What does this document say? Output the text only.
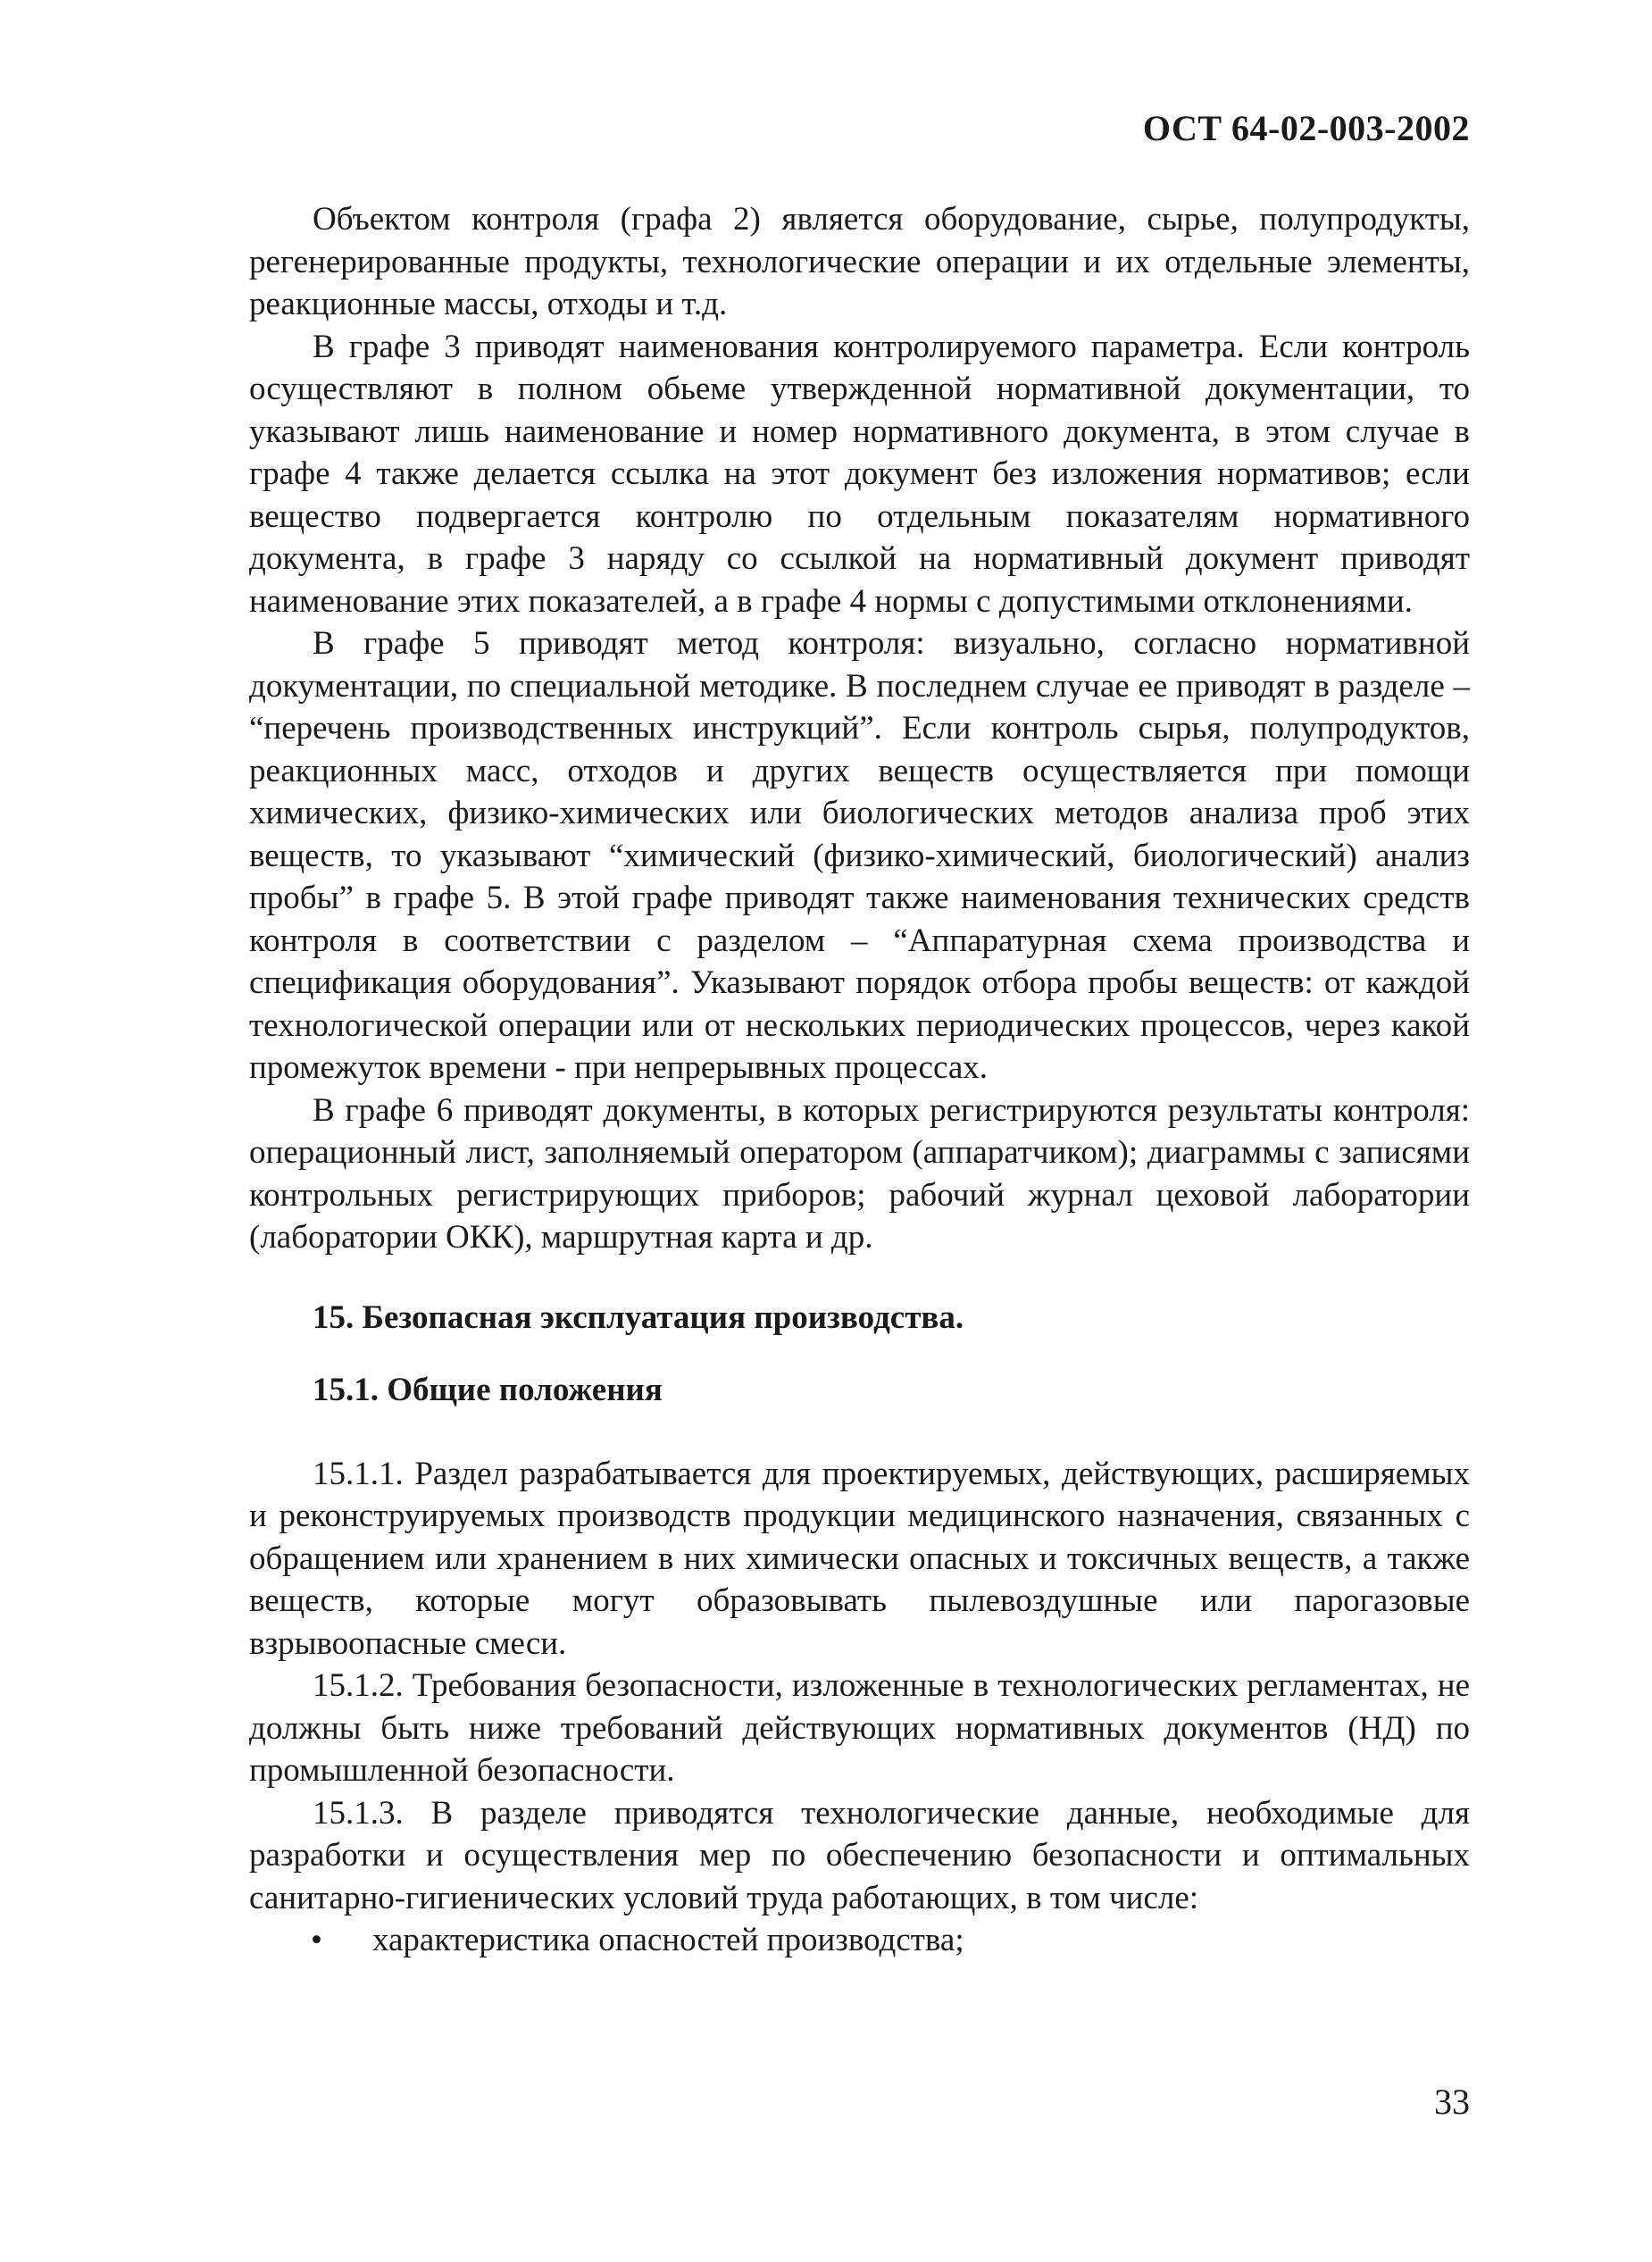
ОСТ 64-02-003-2002

Объектом контроля (графа 2) является оборудование, сырье, полупродукты, регенерированные продукты, технологические операции и их отдельные элементы, реакционные массы, отходы и т.д.

В графе 3 приводят наименования контролируемого параметра. Если контроль осуществляют в полном обьеме утвержденной нормативной документации, то указывают лишь наименование и номер нормативного документа, в этом случае в графе 4 также делается ссылка на этот документ без изложения нормативов; если вещество подвергается контролю по отдельным показателям нормативного документа, в графе 3 наряду со ссылкой на нормативный документ приводят наименование этих показателей, а в графе 4 нормы с допустимыми отклонениями.

В графе 5 приводят метод контроля: визуально, согласно нормативной документации, по специальной методике. В последнем случае ее приводят в разделе – “перечень производственных инструкций”. Если контроль сырья, полупродуктов, реакционных масс, отходов и других веществ осуществляется при помощи химических, физико-химических или биологических методов анализа проб этих веществ, то указывают “химический (физико-химический, биологический) анализ пробы” в графе 5. В этой графе приводят также наименования технических средств контроля в соответствии с разделом – “Аппаратурная схема производства и спецификация оборудования”. Указывают порядок отбора пробы веществ: от каждой технологической операции или от нескольких периодических процессов, через какой промежуток времени - при непрерывных процессах.

В графе 6 приводят документы, в которых регистрируются результаты контроля: операционный лист, заполняемый оператором (аппаратчиком); диаграммы с записями контрольных регистрирующих приборов; рабочий журнал цеховой лаборатории (лаборатории ОКК), маршрутная карта и др.

15. Безопасная эксплуатация производства.

15.1. Общие положения

15.1.1. Раздел разрабатывается для проектируемых, действующих, расширяемых и реконструируемых производств продукции медицинского назначения, связанных с обращением или хранением в них химически опасных и токсичных веществ, а также веществ, которые могут образовывать пылевоздушные или парогазовые взрывоопасные смеси.

15.1.2. Требования безопасности, изложенные в технологических регламентах, не должны быть ниже требований действующих нормативных документов (НД) по промышленной безопасности.

15.1.3. В разделе приводятся технологические данные, необходимые для разработки и осуществления мер по обеспечению безопасности и оптимальных санитарно-гигиенических условий труда работающих, в том числе:

•	характеристика опасностей производства;
33
